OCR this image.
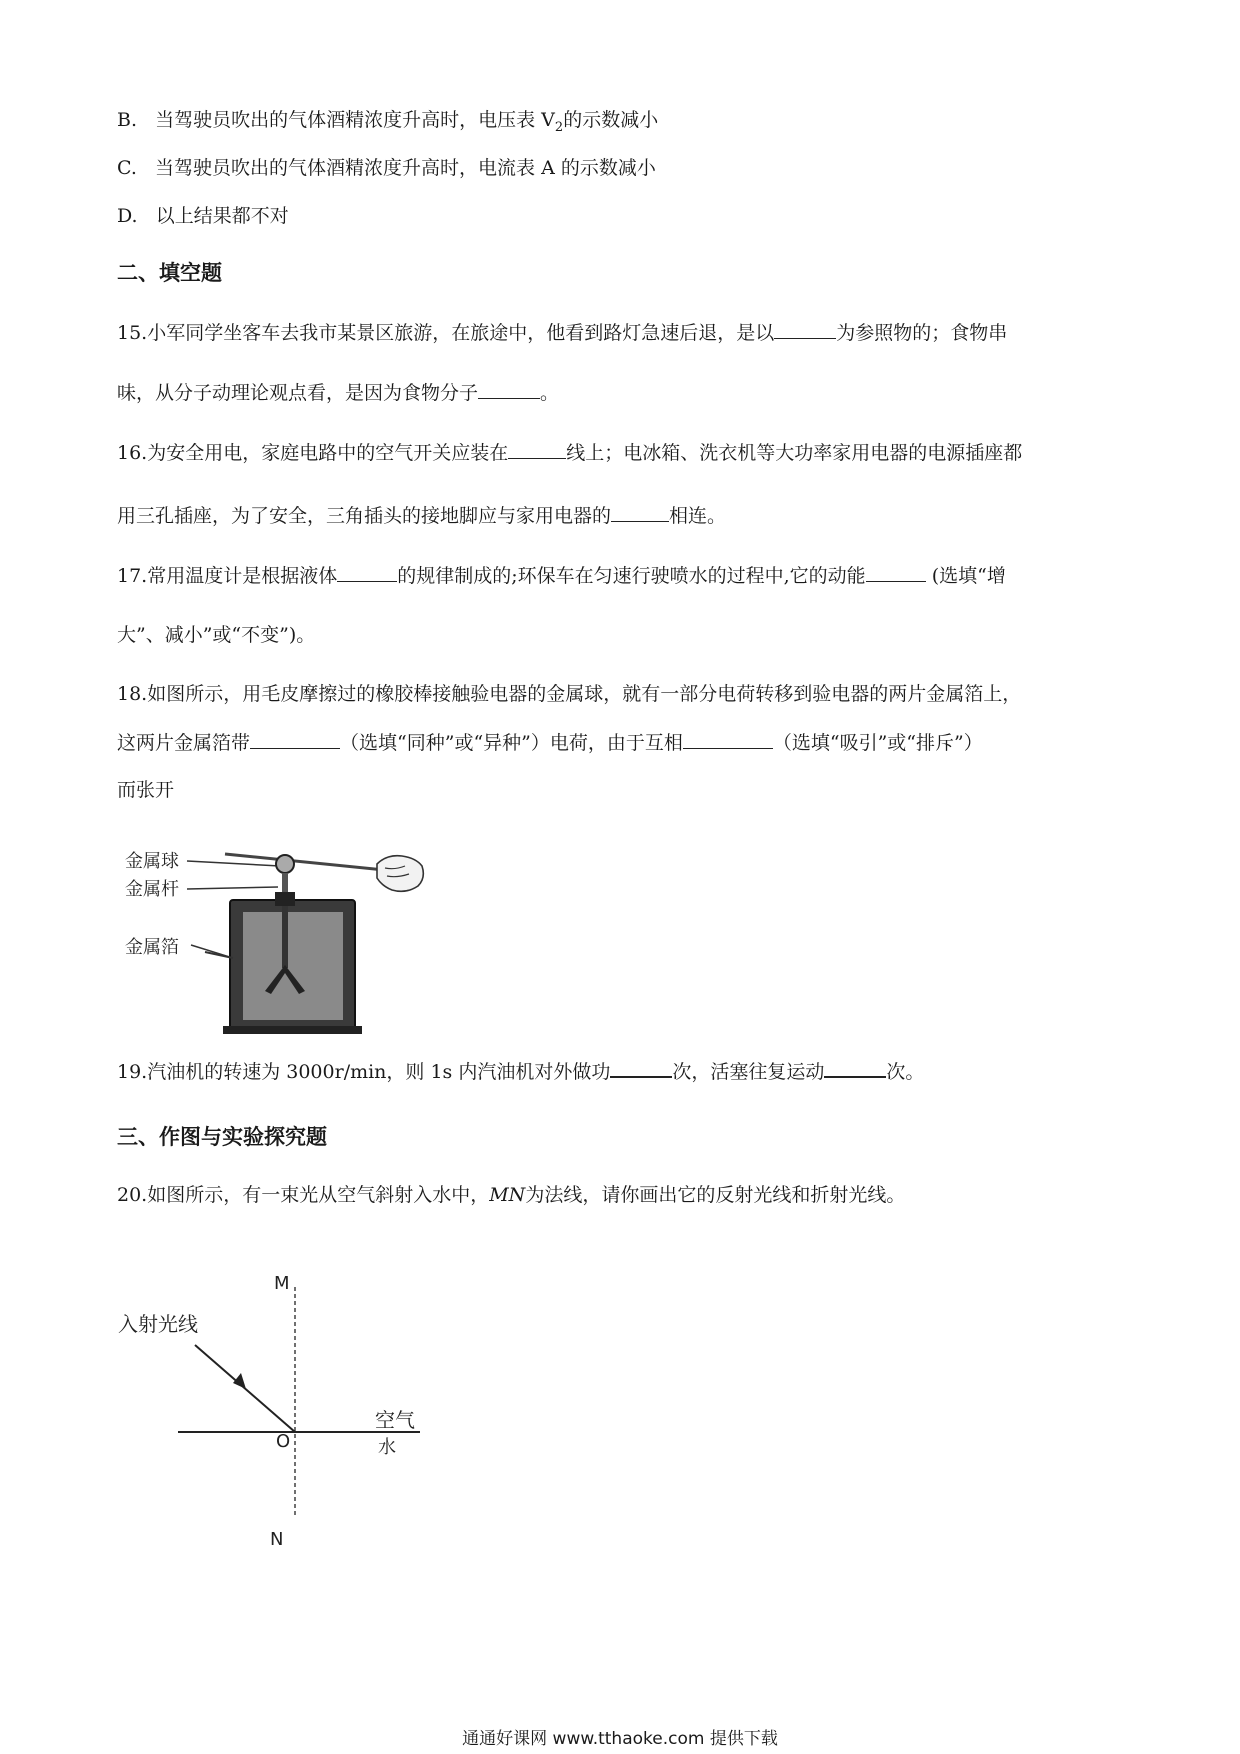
B. 当驾驶员吹出的气体酒精浓度升高时，电压表 $V_2$的示数减小
C. 当驾驶员吹出的气体酒精浓度升高时，电流表 A 的示数减小
D. 以上结果都不对
二、填空题
15.小军同学坐客车去我市某景区旅游，在旅途中，他看到路灯急速后退，是以	为参照物的；食物串
味，从分子动理论观点看，是因为食物分子	。
16.为安全用电，家庭电路中的空气开关应装在	线上；电冰箱、洗衣机等大功率家用电器的电源插座都
用三孔插座，为了安全，三角插头的接地脚应与家用电器的	相连。
17.常用温度计是根据液体	的规律制成的;环保车在匀速行驶喷水的过程中,它的动能	(选填“增
大”、减小”或“不变”)。
18.如图所示，用毛皮摩擦过的橡胶棒接触验电器的金属球，就有一部分电荷转移到验电器的两片金属箔上，
这两片金属箔带	（选填“同种”或“异种”）电荷，由于互相	（选填“吸引”或“排斥”）
而张开
金属球
金属杆
金属箔
19.汽油机的转速为 3000r/min，则 1s 内汽油机对外做功	次，活塞往复运动	次。
三、作图与实验探究题
20.如图所示，有一束光从空气斜射入水中，MN为法线，请你画出它的反射光线和折射光线。
M
N
O
入射光线
空气
水
通通好课网 www.tthaoke.com 提供下载
